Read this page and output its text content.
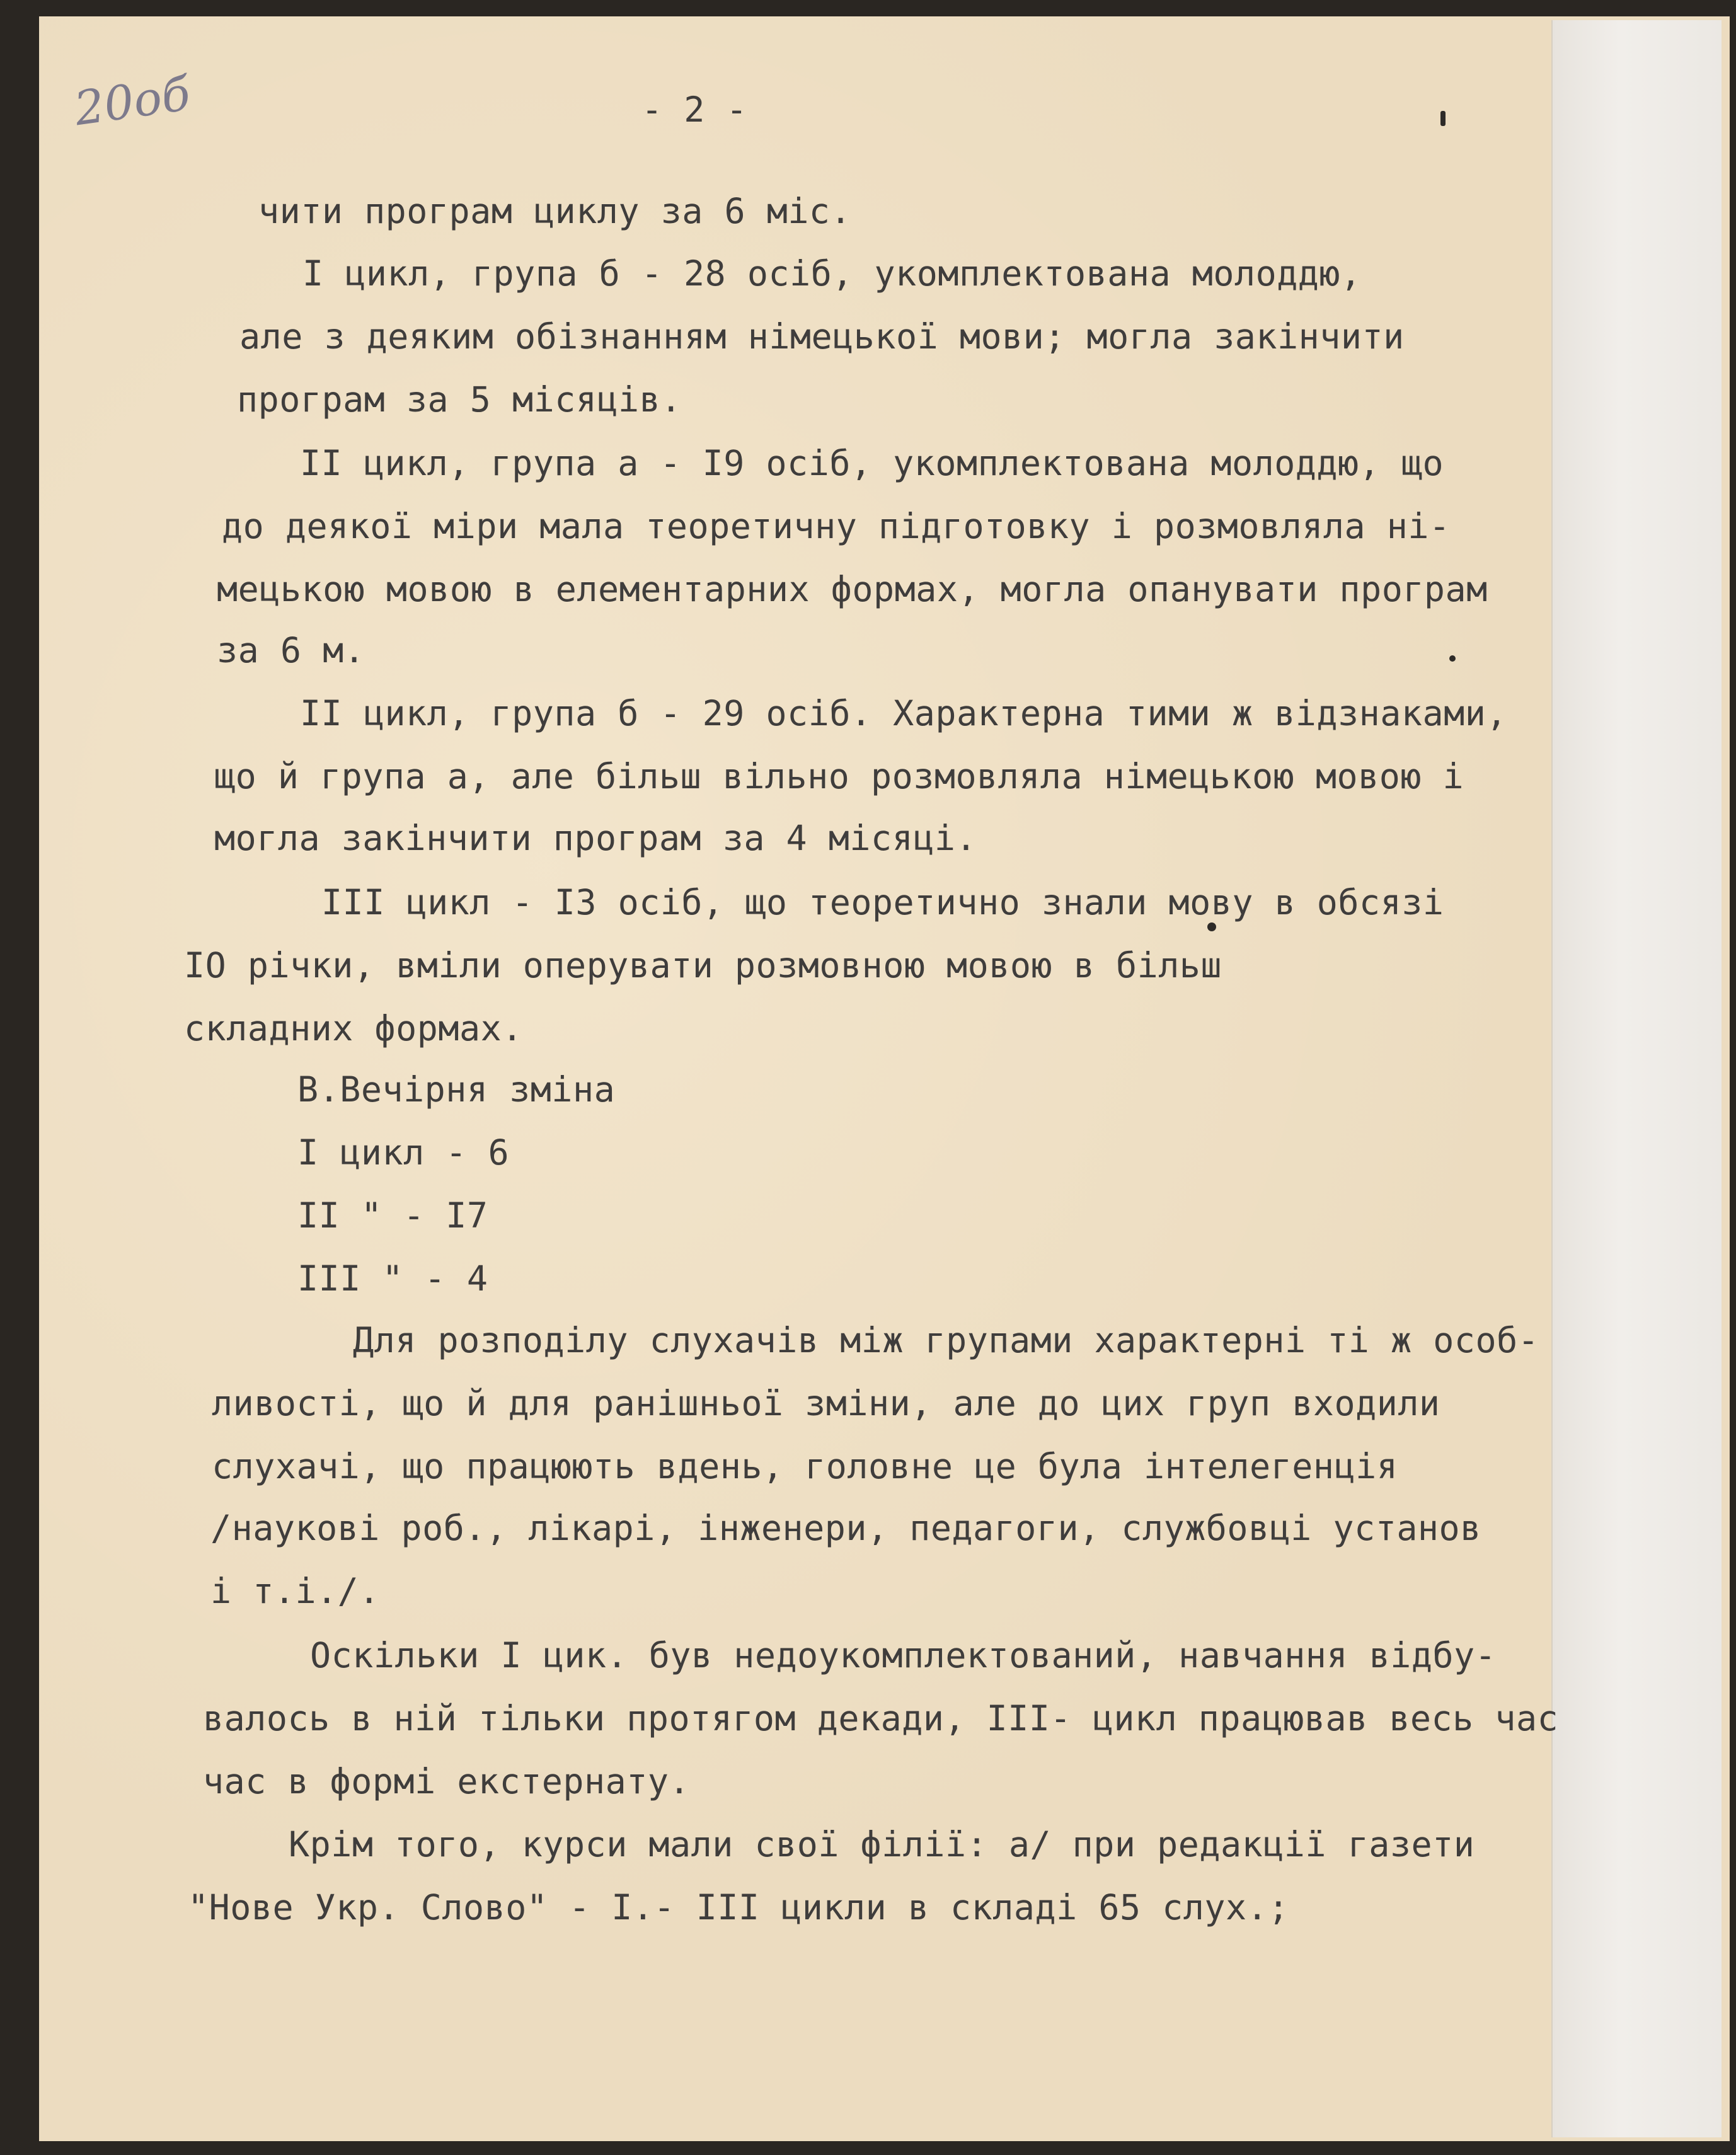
20об	- 2 -

чити програм циклу за 6 міс.

I цикл, група б - 28 осіб, укомплектована молоддю,

але з деяким обізнанням німецької мови; могла закінчити

програм за 5 місяців.

II цикл, група а - I9 осіб, укомплектована молоддю, що

до деякої міри мала теоретичну підготовку і розмовляла ні-

мецькою мовою в елементарних формах, могла опанувати програм

за 6 м.

II цикл, група б - 29 осіб. Характерна тими ж відзнаками,

що й група а, але більш вільно розмовляла німецькою мовою і

могла закінчити програм за 4 місяці.

III цикл - I3 осіб, що теоретично знали мову в обсязі

IO річки, вміли оперувати розмовною мовою в більш

складних формах.

В.Вечірня зміна

I цикл - 6

II " - I7

III " - 4

Для розподілу слухачів між групами характерні ті ж особ-

ливості, що й для ранішньої зміни, але до цих груп входили

слухачі, що працюють вдень, головне це була інтелегенція

/наукові роб., лікарі, інженери, педагоги, службовці установ

і т.і./.

Оскільки I цик. був недоукомплектований, навчання відбу-

валось в ній тільки протягом декади, III- цикл працював весь час

час в формі екстернату.

Крім того, курси мали свої філії: а/ при редакції газети

"Нове Укр. Слово" - I.- III цикли в складі 65 слух.;
